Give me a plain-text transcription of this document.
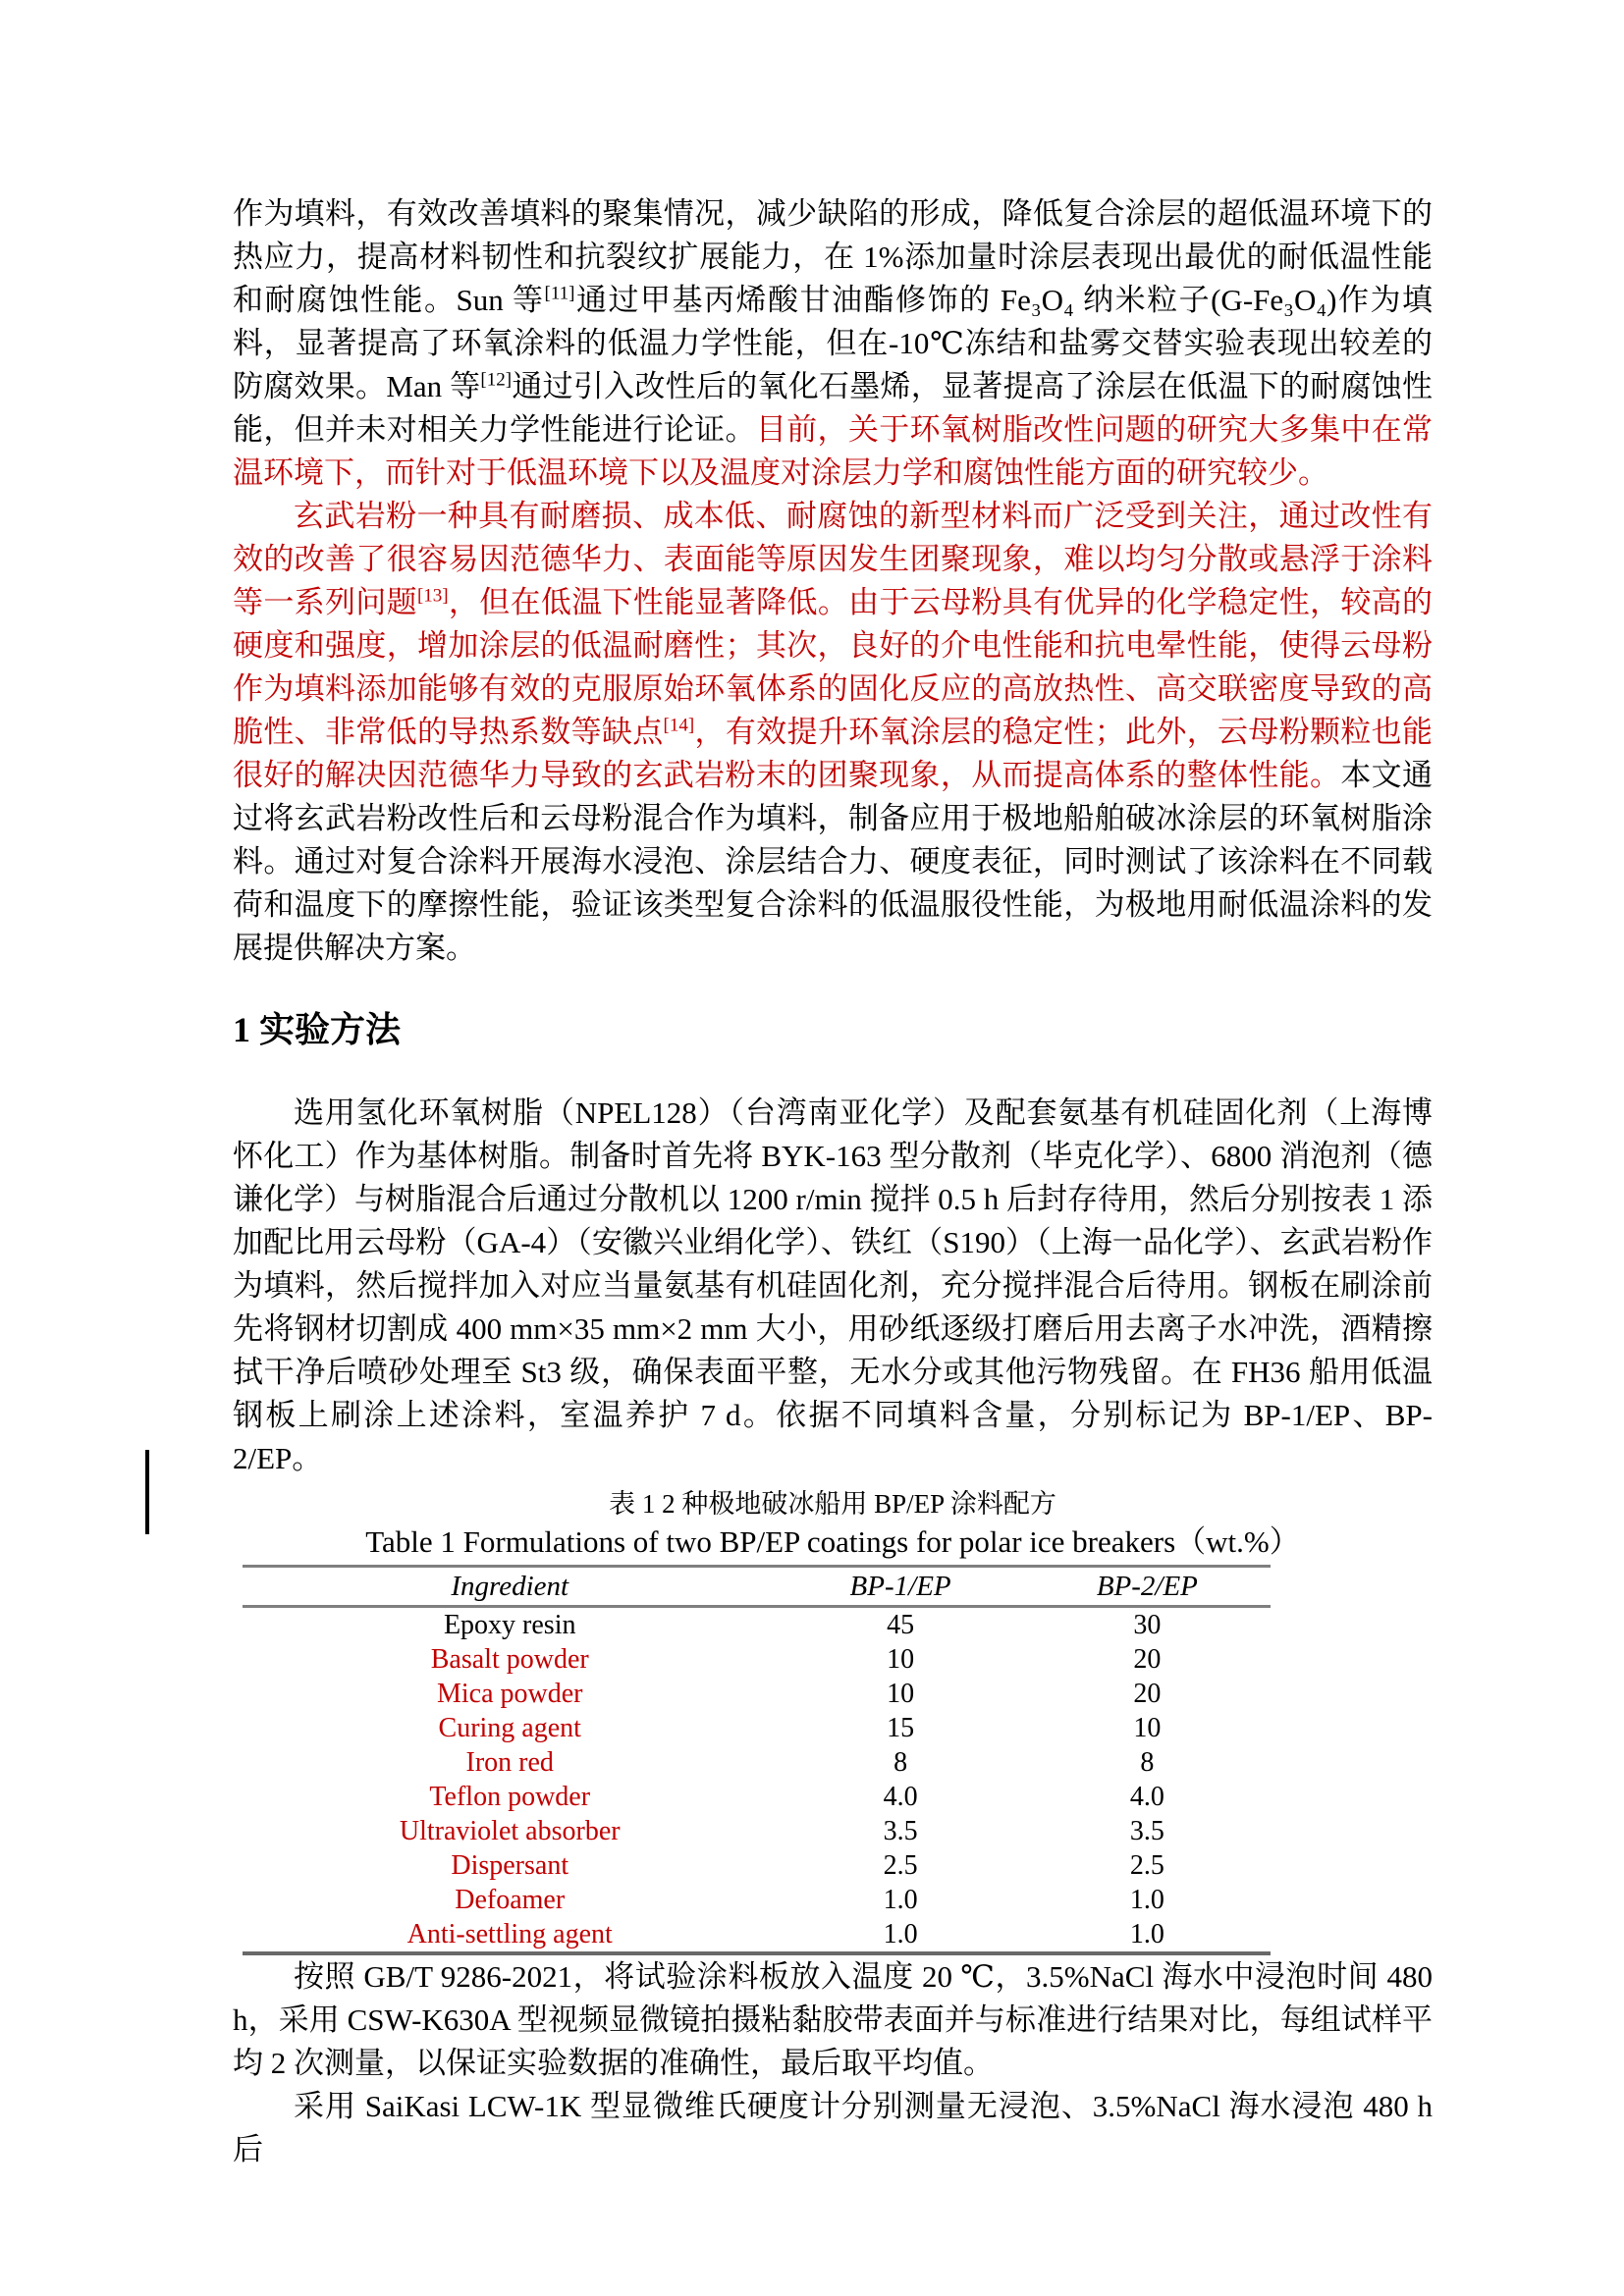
作为填料，有效改善填料的聚集情况，减少缺陷的形成，降低复合涂层的超低温环境下的热应力，提高材料韧性和抗裂纹扩展能力，在 1%添加量时涂层表现出最优的耐低温性能和耐腐蚀性能。Sun 等[11]通过甲基丙烯酸甘油酯修饰的 Fe₃O₄ 纳米粒子(G-Fe₃O₄)作为填料，显著提高了环氧涂料的低温力学性能，但在-10℃冻结和盐雾交替实验表现出较差的防腐效果。Man 等[12]通过引入改性后的氧化石墨烯，显著提高了涂层在低温下的耐腐蚀性能，但并未对相关力学性能进行论证。目前，关于环氧树脂改性问题的研究大多集中在常温环境下，而针对于低温环境下以及温度对涂层力学和腐蚀性能方面的研究较少。

玄武岩粉一种具有耐磨损、成本低、耐腐蚀的新型材料而广泛受到关注，通过改性有效的改善了很容易因范德华力、表面能等原因发生团聚现象，难以均匀分散或悬浮于涂料等一系列问题[13]，但在低温下性能显著降低。由于云母粉具有优异的化学稳定性，较高的硬度和强度，增加涂层的低温耐磨性；其次，良好的介电性能和抗电晕性能，使得云母粉作为填料添加能够有效的克服原始环氧体系的固化反应的高放热性、高交联密度导致的高脆性、非常低的导热系数等缺点[14]，有效提升环氧涂层的稳定性；此外，云母粉颗粒也能很好的解决因范德华力导致的玄武岩粉末的团聚现象，从而提高体系的整体性能。本文通过将玄武岩粉改性后和云母粉混合作为填料，制备应用于极地船舶破冰涂层的环氧树脂涂料。通过对复合涂料开展海水浸泡、涂层结合力、硬度表征，同时测试了该涂料在不同载荷和温度下的摩擦性能，验证该类型复合涂料的低温服役性能，为极地用耐低温涂料的发展提供解决方案。

1 实验方法

选用氢化环氧树脂（NPEL128）（台湾南亚化学）及配套氨基有机硅固化剂（上海博怀化工）作为基体树脂。制备时首先将 BYK-163 型分散剂（毕克化学）、6800 消泡剂（德谦化学）与树脂混合后通过分散机以 1200 r/min 搅拌 0.5 h 后封存待用，然后分别按表 1 添加配比用云母粉（GA-4）（安徽兴业绢化学）、铁红（S190）（上海一品化学）、玄武岩粉作为填料，然后搅拌加入对应当量氨基有机硅固化剂，充分搅拌混合后待用。钢板在刷涂前先将钢材切割成 400 mm×35 mm×2 mm 大小，用砂纸逐级打磨后用去离子水冲洗，酒精擦拭干净后喷砂处理至 St3 级，确保表面平整，无水分或其他污物残留。在 FH36 船用低温钢板上刷涂上述涂料，室温养护 7 d。依据不同填料含量，分别标记为 BP-1/EP、BP-2/EP。

表 1 2 种极地破冰船用 BP/EP 涂料配方

Table 1 Formulations of two BP/EP coatings for polar ice breakers（wt.%）

Ingredient	BP-1/EP	BP-2/EP
Epoxy resin	45	30
Basalt powder	10	20
Mica powder	10	20
Curing agent	15	10
Iron red	8	8
Teflon powder	4.0	4.0
Ultraviolet absorber	3.5	3.5
Dispersant	2.5	2.5
Defoamer	1.0	1.0
Anti-settling agent	1.0	1.0

按照 GB/T 9286-2021，将试验涂料板放入温度 20 ℃，3.5%NaCl 海水中浸泡时间 480 h，采用 CSW-K630A 型视频显微镜拍摄粘黏胶带表面并与标准进行结果对比，每组试样平均 2 次测量，以保证实验数据的准确性，最后取平均值。

采用 SaiKasi LCW-1K 型显微维氏硬度计分别测量无浸泡、3.5%NaCl 海水浸泡 480 h 后
